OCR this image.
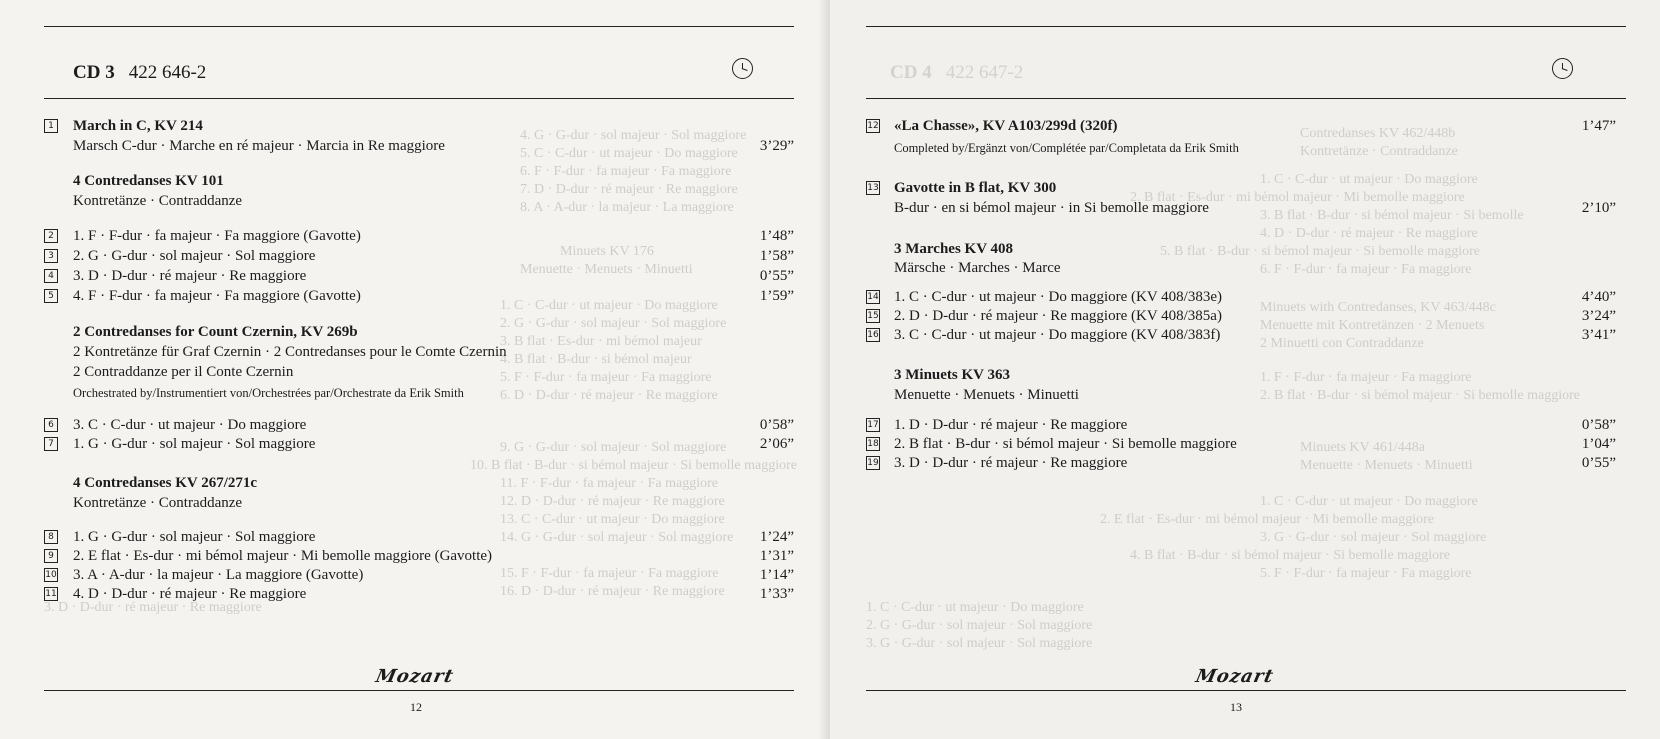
CD 3 422 646-2
4. G · G-dur · sol majeur · Sol maggiore
5. C · C-dur · ut majeur · Do maggiore
6. F · F-dur · fa majeur · Fa maggiore
7. D · D-dur · ré majeur · Re maggiore
8. A · A-dur · la majeur · La maggiore
Minuets KV 176
Menuette · Menuets · Minuetti
1. C · C-dur · ut majeur · Do maggiore
2. G · G-dur · sol majeur · Sol maggiore
3. B flat · Es-dur · mi bémol majeur
4. B flat · B-dur · si bémol majeur
5. F · F-dur · fa majeur · Fa maggiore
6. D · D-dur · ré majeur · Re maggiore
9. G · G-dur · sol majeur · Sol maggiore
10. B flat · B-dur · si bémol majeur · Si bemolle maggiore
11. F · F-dur · fa majeur · Fa maggiore
12. D · D-dur · ré majeur · Re maggiore
13. C · C-dur · ut majeur · Do maggiore
14. G · G-dur · sol majeur · Sol maggiore
15. F · F-dur · fa majeur · Fa maggiore
16. D · D-dur · ré majeur · Re maggiore
3. D · D-dur · ré majeur · Re maggiore
1 March in C, KV 214
Marsch C-dur · Marche en ré majeur · Marcia in Re maggiore	3’29”
4 Contredanses KV 101
Kontretänze · Contraddanze
2 1. F · F-dur · fa majeur · Fa maggiore (Gavotte)	1’48”
3 2. G · G-dur · sol majeur · Sol maggiore	1’58”
4 3. D · D-dur · ré majeur · Re maggiore	0’55”
5 4. F · F-dur · fa majeur · Fa maggiore (Gavotte)	1’59”
2 Contredanses for Count Czernin, KV 269b
2 Kontretänze für Graf Czernin · 2 Contredanses pour le Comte Czernin
2 Contraddanze per il Conte Czernin
Orchestrated by/Instrumentiert von/Orchestrées par/Orchestrate da Erik Smith
6 3. C · C-dur · ut majeur · Do maggiore	0’58”
7 1. G · G-dur · sol majeur · Sol maggiore	2’06”
4 Contredanses KV 267/271c
Kontretänze · Contraddanze
8 1. G · G-dur · sol majeur · Sol maggiore	1’24”
9 2. E flat · Es-dur · mi bémol majeur · Mi bemolle maggiore (Gavotte)	1’31”
10 3. A · A-dur · la majeur · La maggiore (Gavotte)	1’14”
11 4. D · D-dur · ré majeur · Re maggiore	1’33”
Mozart
12
CD 4 422 647-2
Contredanses KV 462/448b
Kontretänze · Contraddanze
1. C · C-dur · ut majeur · Do maggiore
2. B flat · Es-dur · mi bémol majeur · Mi bemolle maggiore
3. B flat · B-dur · si bémol majeur · Si bemolle
4. D · D-dur · ré majeur · Re maggiore
5. B flat · B-dur · si bémol majeur · Si bemolle maggiore
6. F · F-dur · fa majeur · Fa maggiore
Minuets with Contredanses, KV 463/448c
Menuette mit Kontretänzen · 2 Menuets
2 Minuetti con Contraddanze
1. F · F-dur · fa majeur · Fa maggiore
2. B flat · B-dur · si bémol majeur · Si bemolle maggiore
Minuets KV 461/448a
Menuette · Menuets · Minuetti
1. C · C-dur · ut majeur · Do maggiore
2. E flat · Es-dur · mi bémol majeur · Mi bemolle maggiore
3. G · G-dur · sol majeur · Sol maggiore
4. B flat · B-dur · si bémol majeur · Si bemolle maggiore
5. F · F-dur · fa majeur · Fa maggiore
1. C · C-dur · ut majeur · Do maggiore
2. G · G-dur · sol majeur · Sol maggiore
3. G · G-dur · sol majeur · Sol maggiore
12 «La Chasse», KV A103/299d (320f)	1’47”
Completed by/Ergänzt von/Complétée par/Completata da Erik Smith
13 Gavotte in B flat, KV 300
B-dur · en si bémol majeur · in Si bemolle maggiore	2’10”
3 Marches KV 408
Märsche · Marches · Marce
14 1. C · C-dur · ut majeur · Do maggiore (KV 408/383e)	4’40”
15 2. D · D-dur · ré majeur · Re maggiore (KV 408/385a)	3’24”
16 3. C · C-dur · ut majeur · Do maggiore (KV 408/383f)	3’41”
3 Minuets KV 363
Menuette · Menuets · Minuetti
17 1. D · D-dur · ré majeur · Re maggiore	0’58”
18 2. B flat · B-dur · si bémol majeur · Si bemolle maggiore	1’04”
19 3. D · D-dur · ré majeur · Re maggiore	0’55”
Mozart
13
